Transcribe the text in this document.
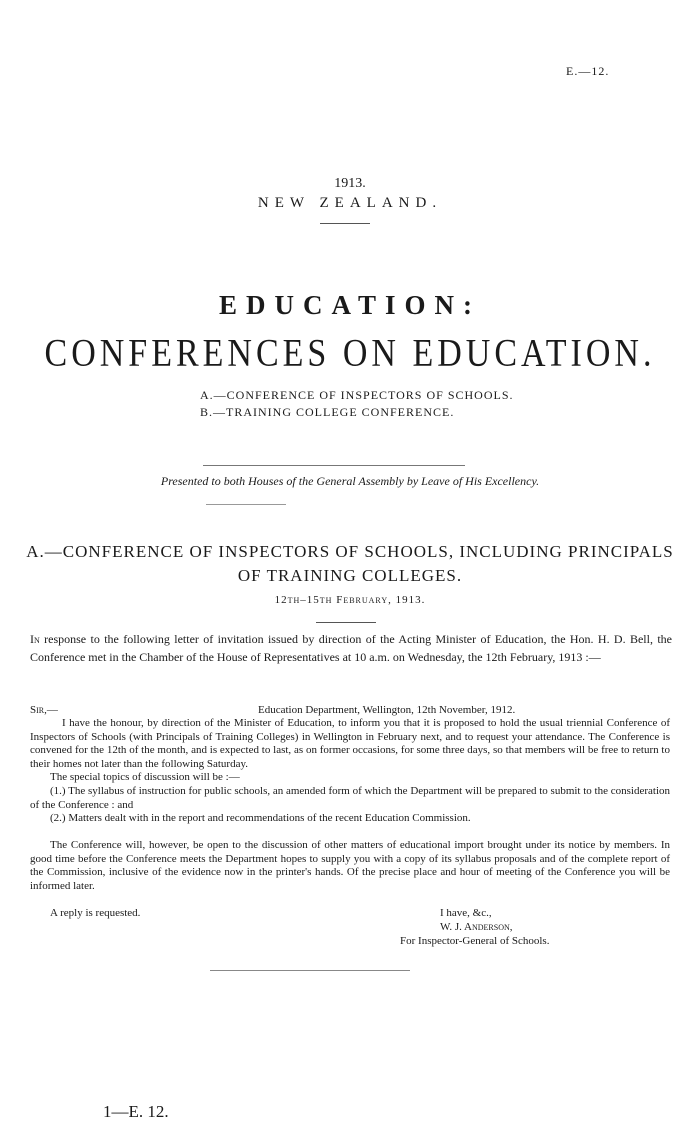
E.—12.
1913.
NEW ZEALAND.
EDUCATION:
CONFERENCES ON EDUCATION.
A.—CONFERENCE OF INSPECTORS OF SCHOOLS.
B.—TRAINING COLLEGE CONFERENCE.
Presented to both Houses of the General Assembly by Leave of His Excellency.
A.—CONFERENCE OF INSPECTORS OF SCHOOLS, INCLUDING PRINCIPALS
OF TRAINING COLLEGES.
12th–15th February, 1913.
In response to the following letter of invitation issued by direction of the Acting Minister of Education, the Hon. H. D. Bell, the Conference met in the Chamber of the House of Representatives at 10 a.m. on Wednesday, the 12th February, 1913 :—
Sir,—	Education Department, Wellington, 12th November, 1912.
I have the honour, by direction of the Minister of Education, to inform you that it is proposed to hold the usual triennial Conference of Inspectors of Schools (with Principals of Training Colleges) in Wellington in February next, and to request your attendance. The Conference is convened for the 12th of the month, and is expected to last, as on former occasions, for some three days, so that members will be free to return to their homes not later than the following Saturday.
The special topics of discussion will be :—
(1.) The syllabus of instruction for public schools, an amended form of which the Department will be prepared to submit to the consideration of the Conference : and
(2.) Matters dealt with in the report and recommendations of the recent Education Commission.
The Conference will, however, be open to the discussion of other matters of educational import brought under its notice by members. In good time before the Conference meets the Department hopes to supply you with a copy of its syllabus proposals and of the complete report of the Commission, inclusive of the evidence now in the printer's hands. Of the precise place and hour of meeting of the Conference you will be informed later.
A reply is requested.	I have, &c.,
W. J. Anderson,
For Inspector-General of Schools.
1—E. 12.
